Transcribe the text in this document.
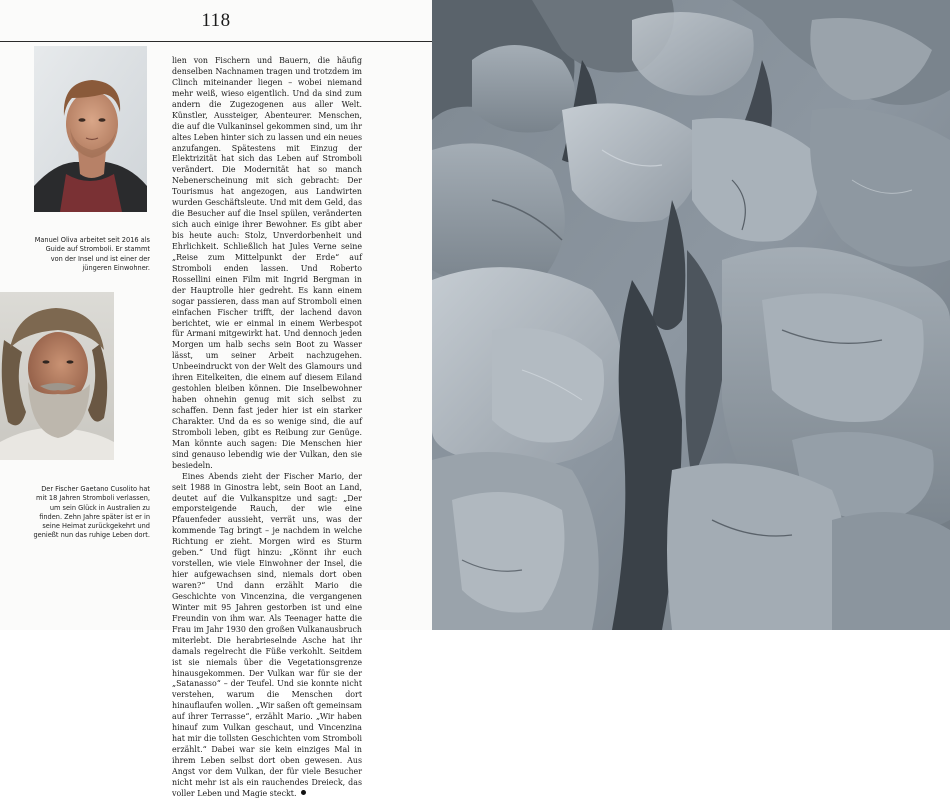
118
Manuel Oliva arbeitet seit 2016 als Guide auf Stromboli. Er stammt von der Insel und ist einer der jüngeren Einwohner.
Der Fischer Gaetano Cusolito hat mit 18 Jahren Stromboli verlassen, um sein Glück in Australien zu finden. Zehn Jahre später ist er in seine Heimat zurückgekehrt und genießt nun das ruhige Leben dort.

lien von Fischern und Bauern, die häufig denselben Nachnamen tragen und trotzdem im Clinch miteinander liegen – wobei niemand mehr weiß, wieso eigentlich. Und da sind zum andern die Zugezogenen aus aller Welt. Künstler, Aussteiger, Abenteurer. Menschen, die auf die Vulkaninsel gekommen sind, um ihr altes Leben hinter sich zu lassen und ein neues anzufangen. Spätestens mit Einzug der Elektrizität hat sich das Leben auf Stromboli verändert. Die Modernität hat so manch Nebenerscheinung mit sich gebracht: Der Tourismus hat angezogen, aus Landwirten wurden Geschäftsleute. Und mit dem Geld, das die Besucher auf die Insel spülen, veränderten sich auch einige ihrer Bewohner. Es gibt aber bis heute auch: Stolz, Unverdorbenheit und Ehrlichkeit. Schließlich hat Jules Verne seine „Reise zum Mittelpunkt der Erde“ auf Stromboli enden lassen. Und Roberto Rossellini einen Film mit Ingrid Bergman in der Hauptrolle hier gedreht. Es kann einem sogar passieren, dass man auf Stromboli einen einfachen Fischer trifft, der lachend davon berichtet, wie er einmal in einem Werbespot für Armani mitgewirkt hat. Und dennoch jeden Morgen um halb sechs sein Boot zu Wasser lässt, um seiner Arbeit nachzugehen. Unbeeindruckt von der Welt des Glamours und ihren Eitelkeiten, die einem auf diesem Eiland gestohlen bleiben können. Die Inselbewohner haben ohnehin genug mit sich selbst zu schaffen. Denn fast jeder hier ist ein starker Charakter. Und da es so wenige sind, die auf Stromboli leben, gibt es Reibung zur Genüge. Man könnte auch sagen: Die Menschen hier sind genauso lebendig wie der Vulkan, den sie besiedeln.

Eines Abends zieht der Fischer Mario, der seit 1988 in Ginostra lebt, sein Boot an Land, deutet auf die Vulkanspitze und sagt: „Der emporsteigende Rauch, der wie eine Pfauenfeder aussieht, verrät uns, was der kommende Tag bringt – je nachdem in welche Richtung er zieht. Morgen wird es Sturm geben.“ Und fügt hinzu: „Könnt ihr euch vorstellen, wie viele Einwohner der Insel, die hier aufgewachsen sind, niemals dort oben waren?“ Und dann erzählt Mario die Geschichte von Vincenzina, die vergangenen Winter mit 95 Jahren gestorben ist und eine Freundin von ihm war. Als Teenager hatte die Frau im Jahr 1930 den großen Vulkanausbruch miterlebt. Die herabrieselnde Asche hat ihr damals regelrecht die Füße verkohlt. Seitdem ist sie niemals über die Vegetationsgrenze hinausgekommen. Der Vulkan war für sie der „Satanasso“ – der Teufel. Und sie konnte nicht verstehen, warum die Menschen dort hinauflaufen wollen. „Wir saßen oft gemeinsam auf ihrer Terrasse“, erzählt Mario. „Wir haben hinauf zum Vulkan geschaut, und Vincenzina hat mir die tollsten Geschichten vom Stromboli erzählt.“ Dabei war sie kein einziges Mal in ihrem Leben selbst dort oben gewesen. Aus Angst vor dem Vulkan, der für viele Besucher nicht mehr ist als ein rauchendes Dreieck, das voller Leben und Magie steckt.
